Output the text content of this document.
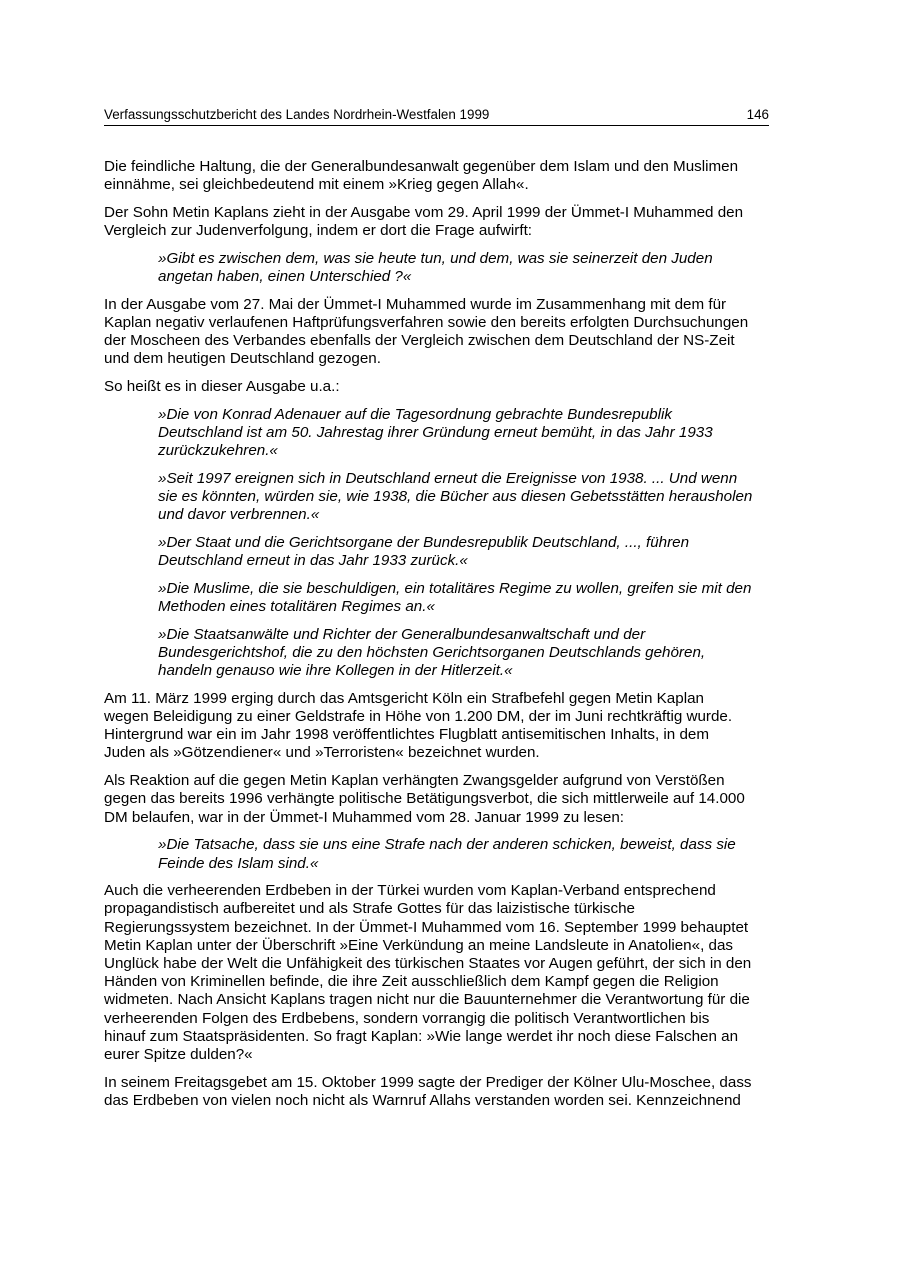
Verfassungsschutzbericht des Landes Nordrhein-Westfalen 1999	146

Die feindliche Haltung, die der Generalbundesanwalt gegenüber dem Islam und den Muslimen
einnähme, sei gleichbedeutend mit einem »Krieg gegen Allah«.

Der Sohn Metin Kaplans zieht in der Ausgabe vom 29. April 1999 der Ümmet-I Muhammed den
Vergleich zur Judenverfolgung, indem er dort die Frage aufwirft:

»Gibt es zwischen dem, was sie heute tun, und dem, was sie seinerzeit den Juden
angetan haben, einen Unterschied ?«

In der Ausgabe vom 27. Mai der Ümmet-I Muhammed wurde im Zusammenhang mit dem für
Kaplan negativ verlaufenen Haftprüfungsverfahren sowie den bereits erfolgten Durchsuchungen
der Moscheen des Verbandes ebenfalls der Vergleich zwischen dem Deutschland der NS-Zeit
und dem heutigen Deutschland gezogen.

So heißt es in dieser Ausgabe u.a.:

»Die von Konrad Adenauer auf die Tagesordnung gebrachte Bundesrepublik
Deutschland ist am 50. Jahrestag ihrer Gründung erneut bemüht, in das Jahr 1933
zurückzukehren.«

»Seit 1997 ereignen sich in Deutschland erneut die Ereignisse von 1938. ... Und wenn
sie es könnten, würden sie, wie 1938, die Bücher aus diesen Gebetsstätten herausholen
und davor verbrennen.«

»Der Staat und die Gerichtsorgane der Bundesrepublik Deutschland, ..., führen
Deutschland erneut in das Jahr 1933 zurück.«

»Die Muslime, die sie beschuldigen, ein totalitäres Regime zu wollen, greifen sie mit den
Methoden eines totalitären Regimes an.«

»Die Staatsanwälte und Richter der Generalbundesanwaltschaft und der
Bundesgerichtshof, die zu den höchsten Gerichtsorganen Deutschlands gehören,
handeln genauso wie ihre Kollegen in der Hitlerzeit.«

Am 11. März 1999 erging durch das Amtsgericht Köln ein Strafbefehl gegen Metin Kaplan
wegen Beleidigung zu einer Geldstrafe in Höhe von 1.200 DM, der im Juni rechtkräftig wurde.
Hintergrund war ein im Jahr 1998 veröffentlichtes Flugblatt antisemitischen Inhalts, in dem
Juden als »Götzendiener« und »Terroristen« bezeichnet wurden.

Als Reaktion auf die gegen Metin Kaplan verhängten Zwangsgelder aufgrund von Verstößen
gegen das bereits 1996 verhängte politische Betätigungsverbot, die sich mittlerweile auf 14.000
DM belaufen, war in der Ümmet-I Muhammed vom 28. Januar 1999 zu lesen:

»Die Tatsache, dass sie uns eine Strafe nach der anderen schicken, beweist, dass sie
Feinde des Islam sind.«

Auch die verheerenden Erdbeben in der Türkei wurden vom Kaplan-Verband entsprechend
propagandistisch aufbereitet und als Strafe Gottes für das laizistische türkische
Regierungssystem bezeichnet. In der Ümmet-I Muhammed vom 16. September 1999 behauptet
Metin Kaplan unter der Überschrift »Eine Verkündung an meine Landsleute in Anatolien«, das
Unglück habe der Welt die Unfähigkeit des türkischen Staates vor Augen geführt, der sich in den
Händen von Kriminellen befinde, die ihre Zeit ausschließlich dem Kampf gegen die Religion
widmeten. Nach Ansicht Kaplans tragen nicht nur die Bauunternehmer die Verantwortung für die
verheerenden Folgen des Erdbebens, sondern vorrangig die politisch Verantwortlichen bis
hinauf zum Staatspräsidenten. So fragt Kaplan: »Wie lange werdet ihr noch diese Falschen an
eurer Spitze dulden?«

In seinem Freitagsgebet am 15. Oktober 1999 sagte der Prediger der Kölner Ulu-Moschee, dass
das Erdbeben von vielen noch nicht als Warnruf Allahs verstanden worden sei. Kennzeichnend
